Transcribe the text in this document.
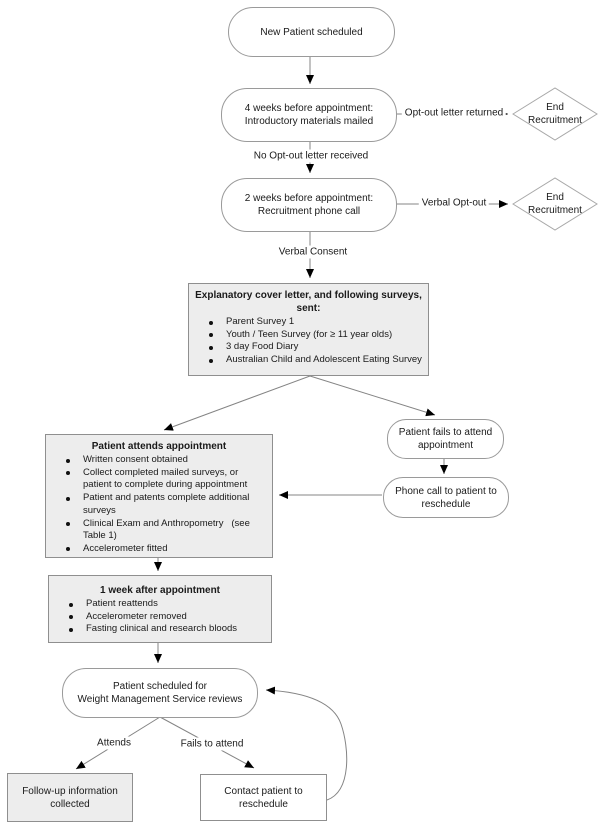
New Patient scheduled
4 weeks before appointment: Introductory materials mailed
2 weeks before appointment: Recruitment phone call
End Recruitment
End Recruitment
Explanatory cover letter, and following surveys, sent:
Parent Survey 1
Youth / Teen Survey (for ≥ 11 year olds)
3 day Food Diary
Australian Child and Adolescent Eating Survey
Patient attends appointment
Written consent obtained
Collect completed mailed surveys, or patient to complete during appointment
Patient and patents complete additional surveys
Clinical Exam and Anthropometry   (see Table 1)
Accelerometer fitted
Patient fails to attend appointment
Phone call to patient to reschedule
1 week after appointment
Patient reattends
Accelerometer removed
Fasting clinical and research bloods
Patient scheduled for
Weight Management Service reviews
Follow-up information collected
Contact patient to reschedule
Opt-out letter returned
No Opt-out letter received
Verbal Opt-out
Verbal Consent
Attends	Fails to attend
